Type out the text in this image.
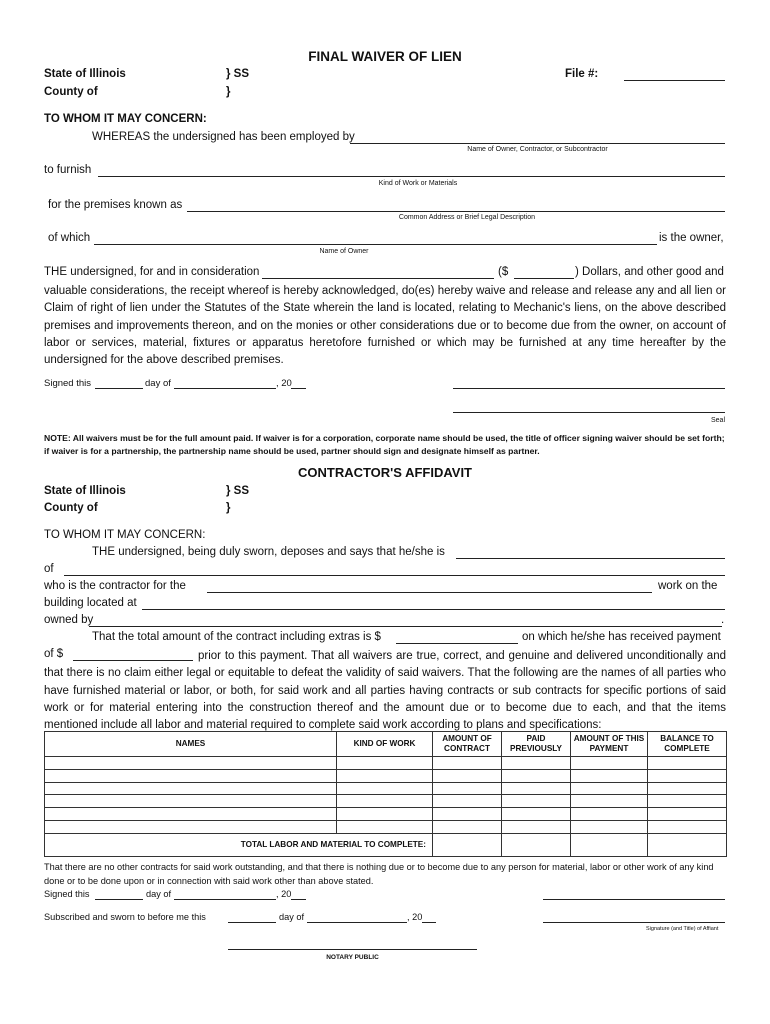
FINAL WAIVER OF LIEN
State of Illinois	} SS
County of	}
File #:
TO WHOM IT MAY CONCERN:
WHEREAS the undersigned has been employed by
Name of Owner, Contractor, or Subcontractor
to furnish
Kind of Work or Materials
for the premises known as
Common Address or Brief Legal Description
of which	is the owner,
Name of Owner
THE undersigned, for and in consideration	($	) Dollars, and other good and
valuable considerations, the receipt whereof is hereby acknowledged, do(es) hereby waive and release and release any and all lien or Claim of right of lien under the Statutes of the State wherein the land is located, relating to Mechanic's liens, on the above described premises and improvements thereon, and on the monies or other considerations due or to become due from the owner, on account of labor or services, material, fixtures or apparatus heretofore furnished or which may be furnished at any time hereafter by the undersigned for the above described premises.
Signed this	day of	, 20
Seal
NOTE: All waivers must be for the full amount paid. If waiver is for a corporation, corporate name should be used, the title of officer signing waiver should be set forth; if waiver is for a partnership, the partnership name should be used, partner should sign and designate himself as partner.
CONTRACTOR'S AFFIDAVIT
State of Illinois	} SS
County of	}
TO WHOM IT MAY CONCERN:
THE undersigned, being duly sworn, deposes and says that he/she is
of
who is the contractor for the	work on the
building located at
owned by	.
That the total amount of the contract including extras is $	on which he/she has received payment
of $	prior to this payment. That all waivers are true, correct, and genuine and delivered unconditionally and that there is no claim either legal or equitable to defeat the validity of said waivers. That the following are the names of all parties who have furnished material or labor, or both, for said work and all parties having contracts or sub contracts for specific portions of said work or for material entering into the construction thereof and the amount due or to become due to each, and that the items mentioned include all labor and material required to complete said work according to plans and specifications:
NAMES	KIND OF WORK	AMOUNT OF CONTRACT	PAID PREVIOUSLY	AMOUNT OF THIS PAYMENT	BALANCE TO COMPLETE

TOTAL LABOR AND MATERIAL TO COMPLETE:					
That there are no other contracts for said work outstanding, and that there is nothing due or to become due to any person for material, labor or other work of any kind done or to be done upon or in connection with said work other than above stated.
Signed this	day of	, 20
Subscribed and sworn to before me this	day of	, 20
Signature (and Title) of Affiant
NOTARY PUBLIC
